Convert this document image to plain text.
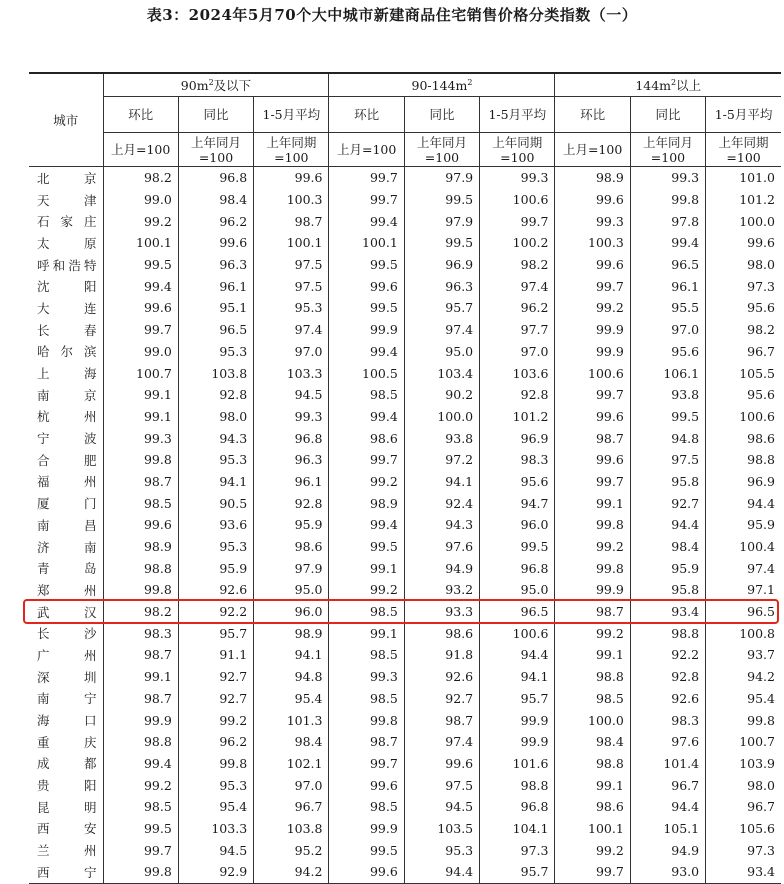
表3：2024年5月70个大中城市新建商品住宅销售价格分类指数（一）
城市	$90m^2$及以下			$90-144m^2$			$144m^2$以上		
	环比	同比	1-5月平均	环比	同比	1-5月平均	环比	同比	1-5月平均
	上月=100	上年同月=100	上年同期=100	上月=100	上年同月=100	上年同期=100	上月=100	上年同月=100	上年同期=100
北京	98.2	96.8	99.6	99.7	97.9	99.3	98.9	99.3	101.0
天津	99.0	98.4	100.3	99.7	99.5	100.6	99.6	99.8	101.2
石家庄	99.2	96.2	98.7	99.4	97.9	99.7	99.3	97.8	100.0
太原	100.1	99.6	100.1	100.1	99.5	100.2	100.3	99.4	99.6
呼和浩特	99.5	96.3	97.5	99.5	96.9	98.2	99.6	96.5	98.0
沈阳	99.4	96.1	97.5	99.6	96.3	97.4	99.7	96.1	97.3
大连	99.6	95.1	95.3	99.5	95.7	96.2	99.2	95.5	95.6
长春	99.7	96.5	97.4	99.9	97.4	97.7	99.9	97.0	98.2
哈尔滨	99.0	95.3	97.0	99.4	95.0	97.0	99.9	95.6	96.7
上海	100.7	103.8	103.3	100.5	103.4	103.6	100.6	106.1	105.5
南京	99.1	92.8	94.5	98.5	90.2	92.8	99.7	93.8	95.6
杭州	99.1	98.0	99.3	99.4	100.0	101.2	99.6	99.5	100.6
宁波	99.3	94.3	96.8	98.6	93.8	96.9	98.7	94.8	98.6
合肥	99.8	95.3	96.3	99.7	97.2	98.3	99.6	97.5	98.8
福州	98.7	94.1	96.1	99.2	94.1	95.6	99.7	95.8	96.9
厦门	98.5	90.5	92.8	98.9	92.4	94.7	99.1	92.7	94.4
南昌	99.6	93.6	95.9	99.4	94.3	96.0	99.8	94.4	95.9
济南	98.9	95.3	98.6	99.5	97.6	99.5	99.2	98.4	100.4
青岛	98.8	95.9	97.9	99.1	94.9	96.8	99.8	95.9	97.4
郑州	99.8	92.6	95.0	99.2	93.2	95.0	99.9	95.8	97.1
武汉	98.2	92.2	96.0	98.5	93.3	96.5	98.7	93.4	96.5
长沙	98.3	95.7	98.9	99.1	98.6	100.6	99.2	98.8	100.8
广州	98.7	91.1	94.1	98.5	91.8	94.4	99.1	92.2	93.7
深圳	99.1	92.7	94.8	99.3	92.6	94.1	98.8	92.8	94.2
南宁	98.7	92.7	95.4	98.5	92.7	95.7	98.5	92.6	95.4
海口	99.9	99.2	101.3	99.8	98.7	99.9	100.0	98.3	99.8
重庆	98.8	96.2	98.4	98.7	97.4	99.9	98.4	97.6	100.7
成都	99.4	99.8	102.1	99.7	99.6	101.6	98.8	101.4	103.9
贵阳	99.2	95.3	97.0	99.6	97.5	98.8	99.1	96.7	98.0
昆明	98.5	95.4	96.7	98.5	94.5	96.8	98.6	94.4	96.7
西安	99.5	103.3	103.8	99.9	103.5	104.1	100.1	105.1	105.6
兰州	99.7	94.5	95.2	99.5	95.3	97.3	99.2	94.9	97.3
西宁	99.8	92.9	94.2	99.6	94.4	95.7	99.7	93.0	93.4
